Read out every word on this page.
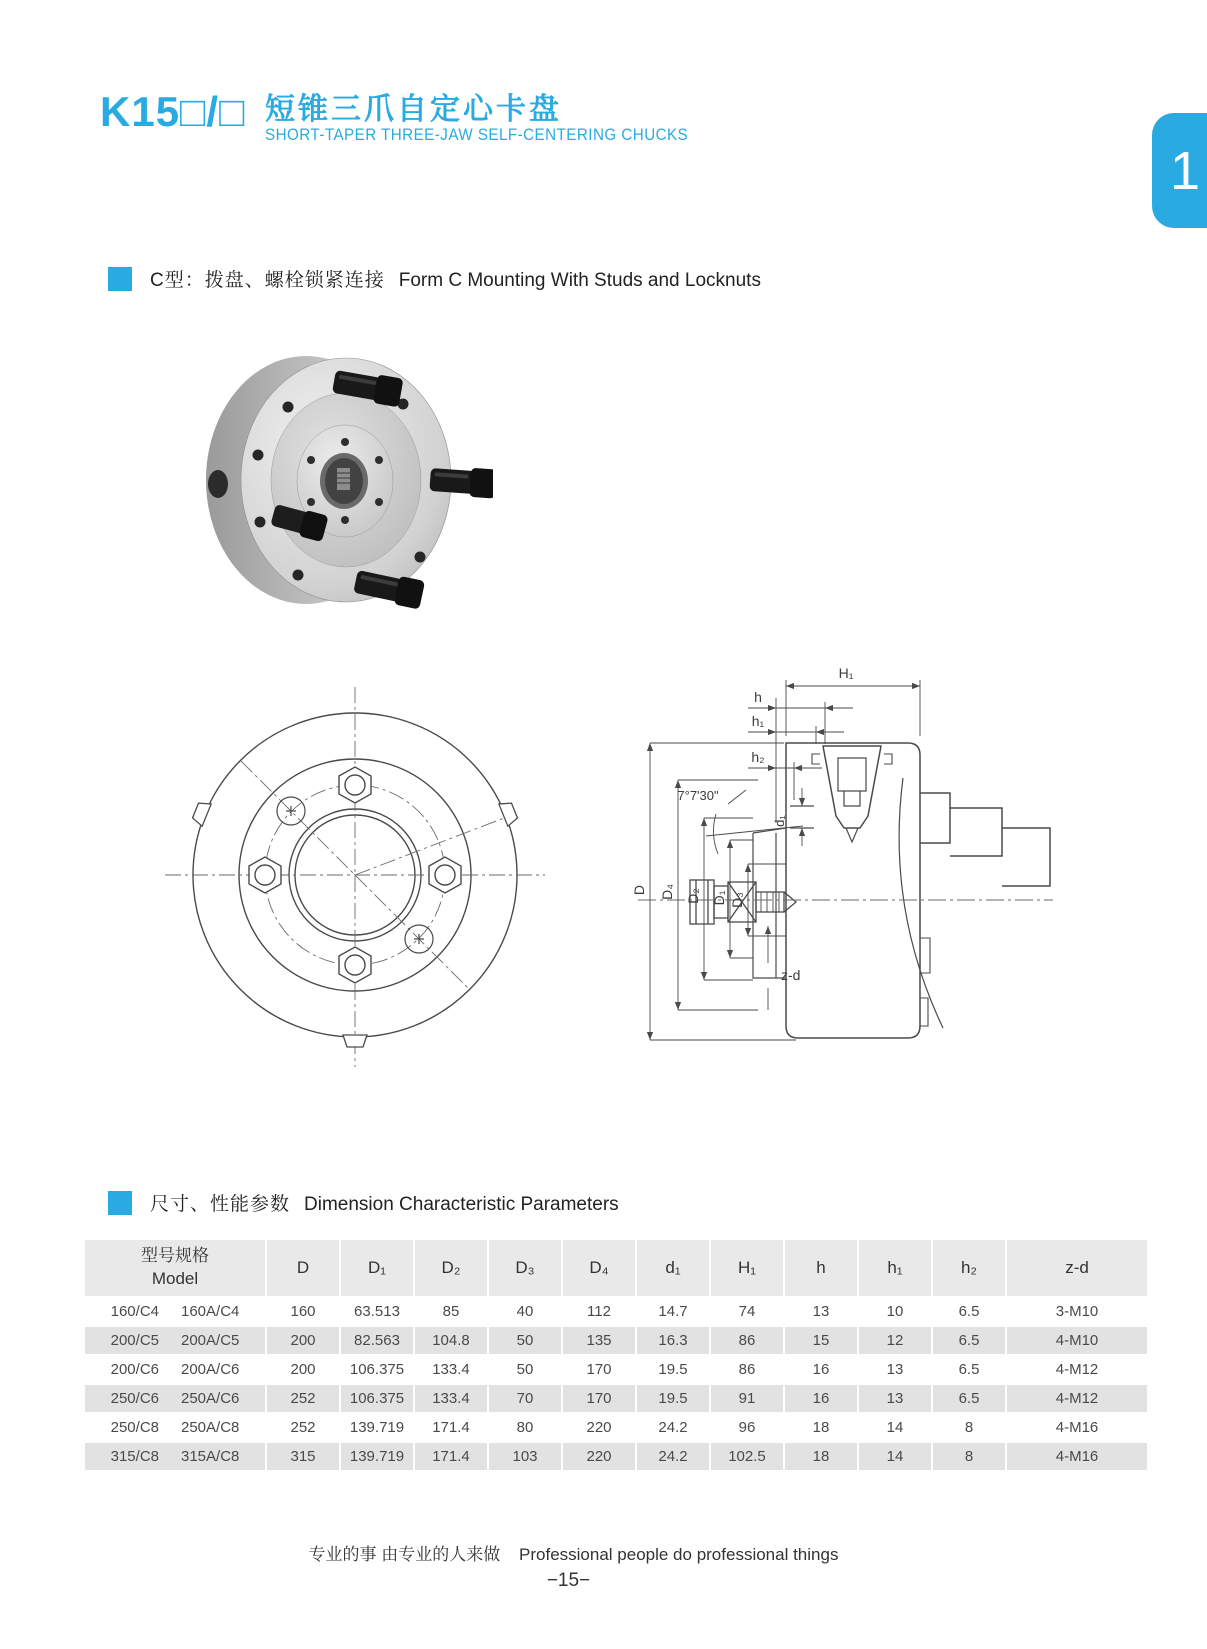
K15□/□ 短锥三爪自定心卡盘
SHORT-TAPER THREE-JAW SELF-CENTERING CHUCKS
1
C型：拨盘、螺栓锁紧连接 Form C Mounting With Studs and Locknuts
H₁
h
h₁
h₂
7°7'30"
d₁
D D₄ D₂ D₁ D₃
z-d
尺寸、性能参数 Dimension Characteristic Parameters
型号规格
Model
D	D₁	D₂	D₃	D₄	d₁	H₁	h	h₁	h₂	z-d
160/C4 160A/C4	160	63.513	85	40	112	14.7	74	13	10	6.5	3-M10
200/C5 200A/C5	200	82.563	104.8	50	135	16.3	86	15	12	6.5	4-M10
200/C6 200A/C6	200	106.375	133.4	50	170	19.5	86	16	13	6.5	4-M12
250/C6 250A/C6	252	106.375	133.4	70	170	19.5	91	16	13	6.5	4-M12
250/C8 250A/C8	252	139.719	171.4	80	220	24.2	96	18	14	8	4-M16
315/C8 315A/C8	315	139.719	171.4	103	220	24.2	102.5	18	14	8	4-M16
专业的事 由专业的人来做 Professional people do professional things
−15−
